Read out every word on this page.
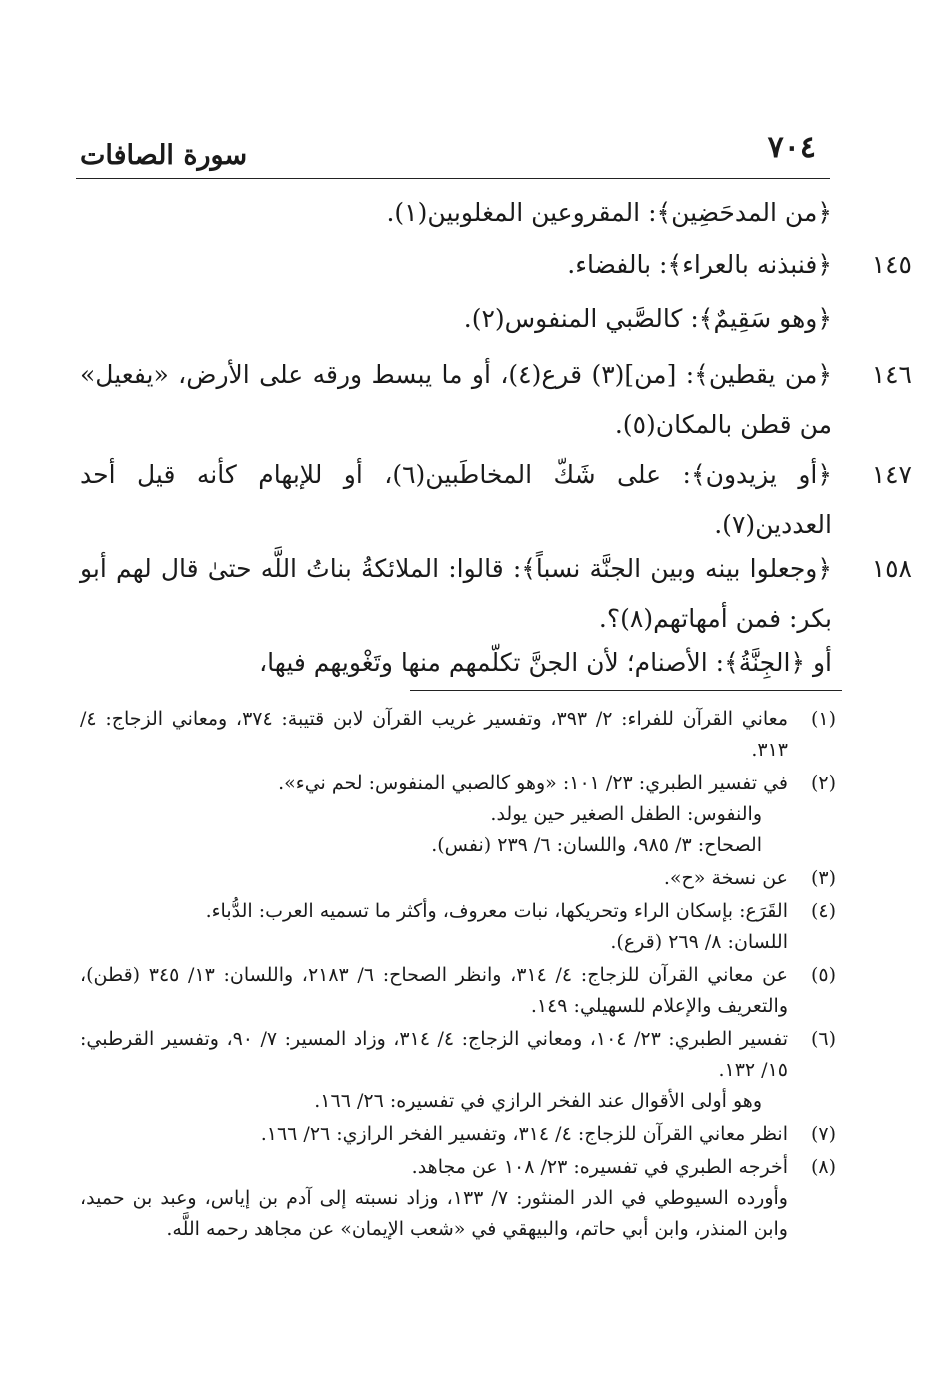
٧٠٤
سورة الصافات
﴿من المدحَضِين﴾: المقروعين المغلوبين(١).
١٤٥
﴿فنبذنه بالعراء﴾: بالفضاء.
﴿وهو سَقِيمٌ﴾: كالصَّبي المنفوس(٢).
١٤٦
﴿من يقطين﴾: [من](٣) قرع(٤)، أو ما يبسط ورقه على الأرض، «يفعيل» من قطن بالمكان(٥).
١٤٧
﴿أو يزيدون﴾: على شَكّ المخاطَبين(٦)، أو للإبهام كأنه قيل أحد العددين(٧).
١٥٨
﴿وجعلوا بينه وبين الجنَّة نسباً﴾: قالوا: الملائكةُ بناتُ اللَّه حتىٰ قال لهم أبو بكر: فمن أمهاتهم(٨)؟.
أو ﴿الجِنَّةُ﴾: الأصنام؛ لأن الجنَّ تكلّمهم منها وتَغْويهم فيها،
(١)
معاني القرآن للفراء: ٢/ ٣٩٣، وتفسير غريب القرآن لابن قتيبة: ٣٧٤، ومعاني الزجاج: ٤/ ٣١٣.
(٢)
في تفسير الطبري: ٢٣/ ١٠١: «وهو كالصبي المنفوس: لحم نيء».
والنفوس: الطفل الصغير حين يولد.
الصحاح: ٣/ ٩٨٥، واللسان: ٦/ ٢٣٩ (نفس).
(٣)
عن نسخة «ح».
(٤)
القَرَع: بإسكان الراء وتحريكها، نبات معروف، وأكثر ما تسميه العرب: الدُّباء.
اللسان: ٨/ ٢٦٩ (قرع).
(٥)
عن معاني القرآن للزجاج: ٤/ ٣١٤، وانظر الصحاح: ٦/ ٢١٨٣، واللسان: ١٣/ ٣٤٥ (قطن)، والتعريف والإعلام للسهيلي: ١٤٩.
(٦)
تفسير الطبري: ٢٣/ ١٠٤، ومعاني الزجاج: ٤/ ٣١٤، وزاد المسير: ٧/ ٩٠، وتفسير القرطبي: ١٥/ ١٣٢.
وهو أولى الأقوال عند الفخر الرازي في تفسيره: ٢٦/ ١٦٦.
(٧)
انظر معاني القرآن للزجاج: ٤/ ٣١٤، وتفسير الفخر الرازي: ٢٦/ ١٦٦.
(٨)
أخرجه الطبري في تفسيره: ٢٣/ ١٠٨ عن مجاهد.
وأورده السيوطي في الدر المنثور: ٧/ ١٣٣، وزاد نسبته إلى آدم بن إياس، وعبد بن حميد، وابن المنذر، وابن أبي حاتم، والبيهقي في «شعب الإيمان» عن مجاهد رحمه اللَّه.
